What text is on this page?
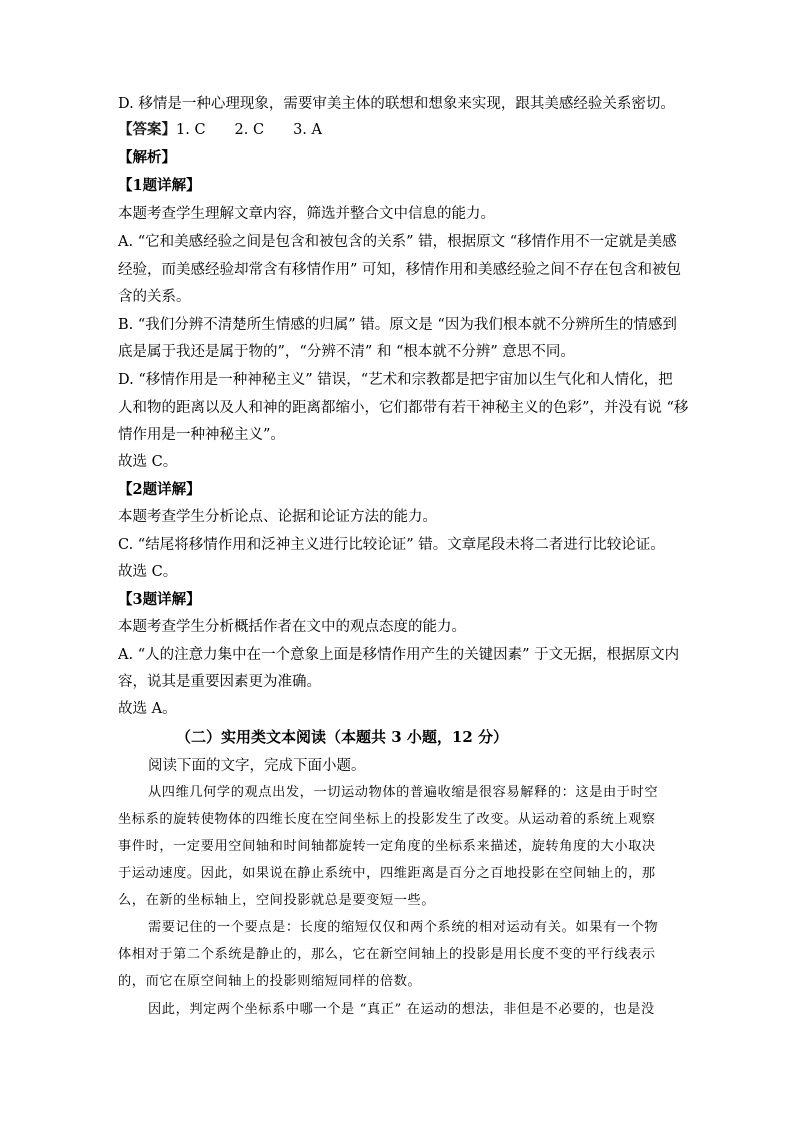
D. 移情是一种心理现象，需要审美主体的联想和想象来实现，跟其美感经验关系密切。
【答案】1. C　　2. C　　3. A
【解析】
【1题详解】
本题考查学生理解文章内容，筛选并整合文中信息的能力。
A. “它和美感经验之间是包含和被包含的关系” 错，根据原文 “移情作用不一定就是美感
经验，而美感经验却常含有移情作用” 可知，移情作用和美感经验之间不存在包含和被包
含的关系。
B. “我们分辨不清楚所生情感的归属” 错。原文是 “因为我们根本就不分辨所生的情感到
底是属于我还是属于物的”，“分辨不清” 和 “根本就不分辨” 意思不同。
D. “移情作用是一种神秘主义” 错误，“艺术和宗教都是把宇宙加以生气化和人情化，把
人和物的距离以及人和神的距离都缩小，它们都带有若干神秘主义的色彩”，并没有说 “移
情作用是一种神秘主义”。
故选 C。
【2题详解】
本题考查学生分析论点、论据和论证方法的能力。
C. “结尾将移情作用和泛神主义进行比较论证” 错。文章尾段未将二者进行比较论证。
故选 C。
【3题详解】
本题考查学生分析概括作者在文中的观点态度的能力。
A. “人的注意力集中在一个意象上面是移情作用产生的关键因素” 于文无据，根据原文内
容，说其是重要因素更为准确。
故选 A。
（二）实用类文本阅读（本题共 3 小题，12 分）
阅读下面的文字，完成下面小题。
从四维几何学的观点出发，一切运动物体的普遍收缩是很容易解释的：这是由于时空
坐标系的旋转使物体的四维长度在空间坐标上的投影发生了改变。从运动着的系统上观察
事件时，一定要用空间轴和时间轴都旋转一定角度的坐标系来描述，旋转角度的大小取决
于运动速度。因此，如果说在静止系统中，四维距离是百分之百地投影在空间轴上的，那
么，在新的坐标轴上，空间投影就总是要变短一些。
需要记住的一个要点是：长度的缩短仅仅和两个系统的相对运动有关。如果有一个物
体相对于第二个系统是静止的，那么，它在新空间轴上的投影是用长度不变的平行线表示
的，而它在原空间轴上的投影则缩短同样的倍数。
因此，判定两个坐标系中哪一个是 “真正” 在运动的想法，非但是不必要的，也是没
